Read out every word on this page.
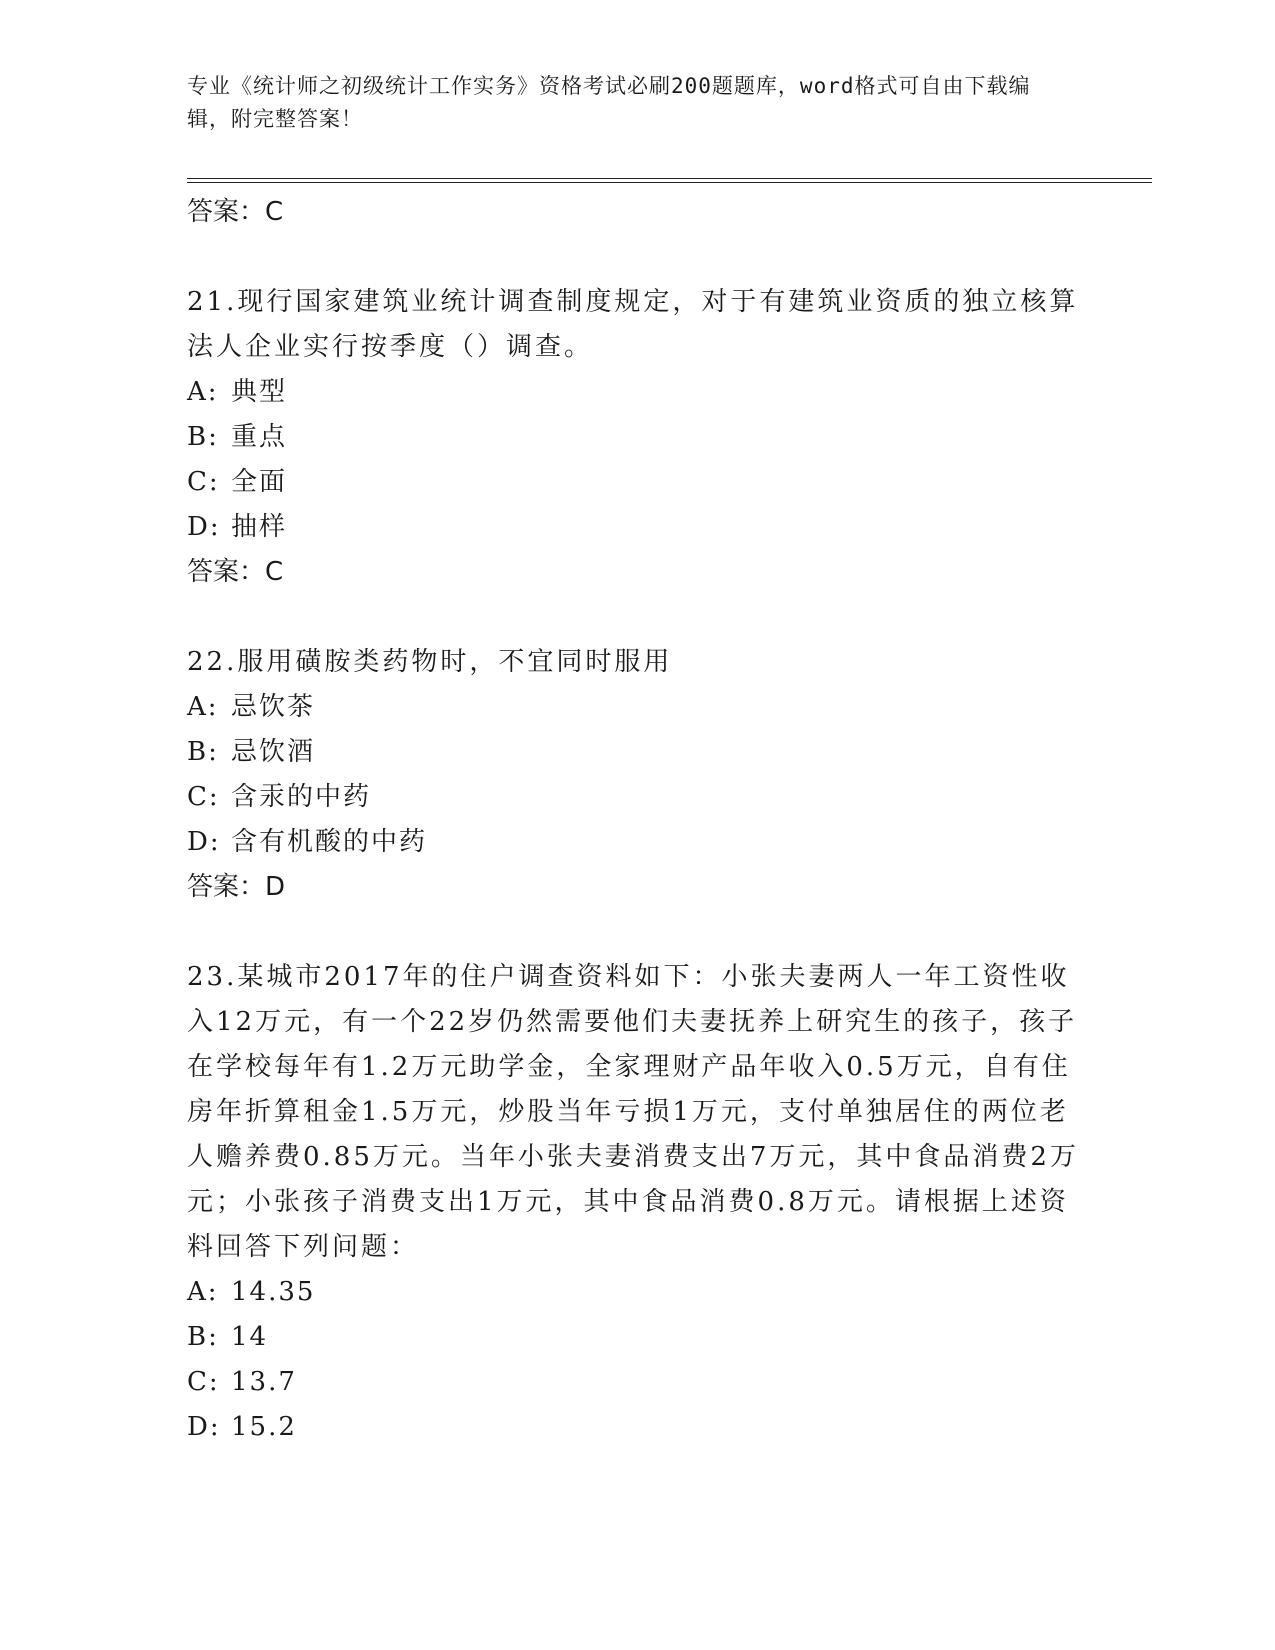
专业《统计师之初级统计工作实务》资格考试必刷200题题库，word格式可自由下载编辑，附完整答案！
答案：C
21.现行国家建筑业统计调查制度规定，对于有建筑业资质的独立核算法人企业实行按季度（）调查。
A: 典型
B: 重点
C: 全面
D: 抽样
答案：C
22.服用磺胺类药物时，不宜同时服用
A: 忌饮茶
B: 忌饮酒
C: 含汞的中药
D: 含有机酸的中药
答案：D
23.某城市2017年的住户调查资料如下：小张夫妻两人一年工资性收入12万元，有一个22岁仍然需要他们夫妻抚养上研究生的孩子，孩子在学校每年有1.2万元助学金，全家理财产品年收入0.5万元，自有住房年折算租金1.5万元，炒股当年亏损1万元，支付单独居住的两位老人赡养费0.85万元。当年小张夫妻消费支出7万元，其中食品消费2万元；小张孩子消费支出1万元，其中食品消费0.8万元。请根据上述资料回答下列问题：
A: 14.35
B: 14
C: 13.7
D: 15.2
